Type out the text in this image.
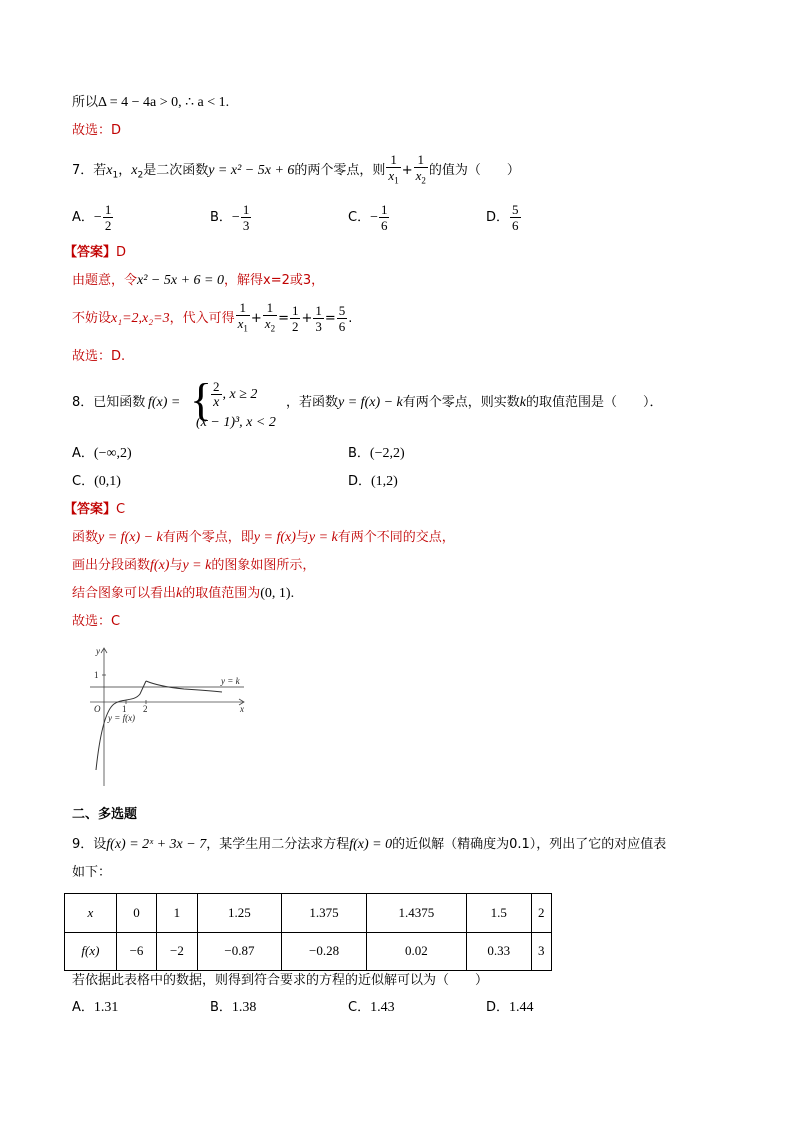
所以Δ = 4 − 4a > 0, ∴ a < 1.
故选：D
7．若$x_1$，$x_2$是二次函数y = x² − 5x + 6的两个零点，则 $\frac{1}{x_1} + \frac{1}{x_2}$ 的值为（　　）
A．− $\frac{1}{2}$	B．− $\frac{1}{3}$	C．− $\frac{1}{6}$	D． $\frac{5}{6}$
【答案】D
由题意，令x² − 5x + 6 = 0，解得x=2或3，
不妨设x₁=2,x₂=3，代入可得 $\frac{1}{x_1} + \frac{1}{x_2} = \frac{1}{2} + \frac{1}{3} = \frac{5}{6}$ .
故选：D.
8．已知函数 f(x) = {
$\frac{2}{x}$ , x ≥ 2
(x − 1)³, x < 2
，若函数y = f(x) − k有两个零点，则实数k的取值范围是（　　）．
A．(−∞,2)	B．(−2,2)
C．(0,1)	D．(1,2)
【答案】C
函数y = f(x) − k有两个零点，即y = f(x)与y = k有两个不同的交点，
画出分段函数f(x)与y = k的图象如图所示，
结合图象可以看出k的取值范围为(0, 1).
故选：C
y
x
O 1 2
1
y = k
y = f(x)
二、多选题
9．设f(x) = 2ˣ + 3x − 7，某学生用二分法求方程f(x) = 0的近似解（精确度为0.1），列出了它的对应值表
如下：
x	0	1	1.25	1.375	1.4375	1.5	2
f(x)	−6	−2	−0.87	−0.28	0.02	0.33	3
若依据此表格中的数据，则得到符合要求的方程的近似解可以为（　　）
A．1.31	B．1.38	C．1.43	D．1.44
